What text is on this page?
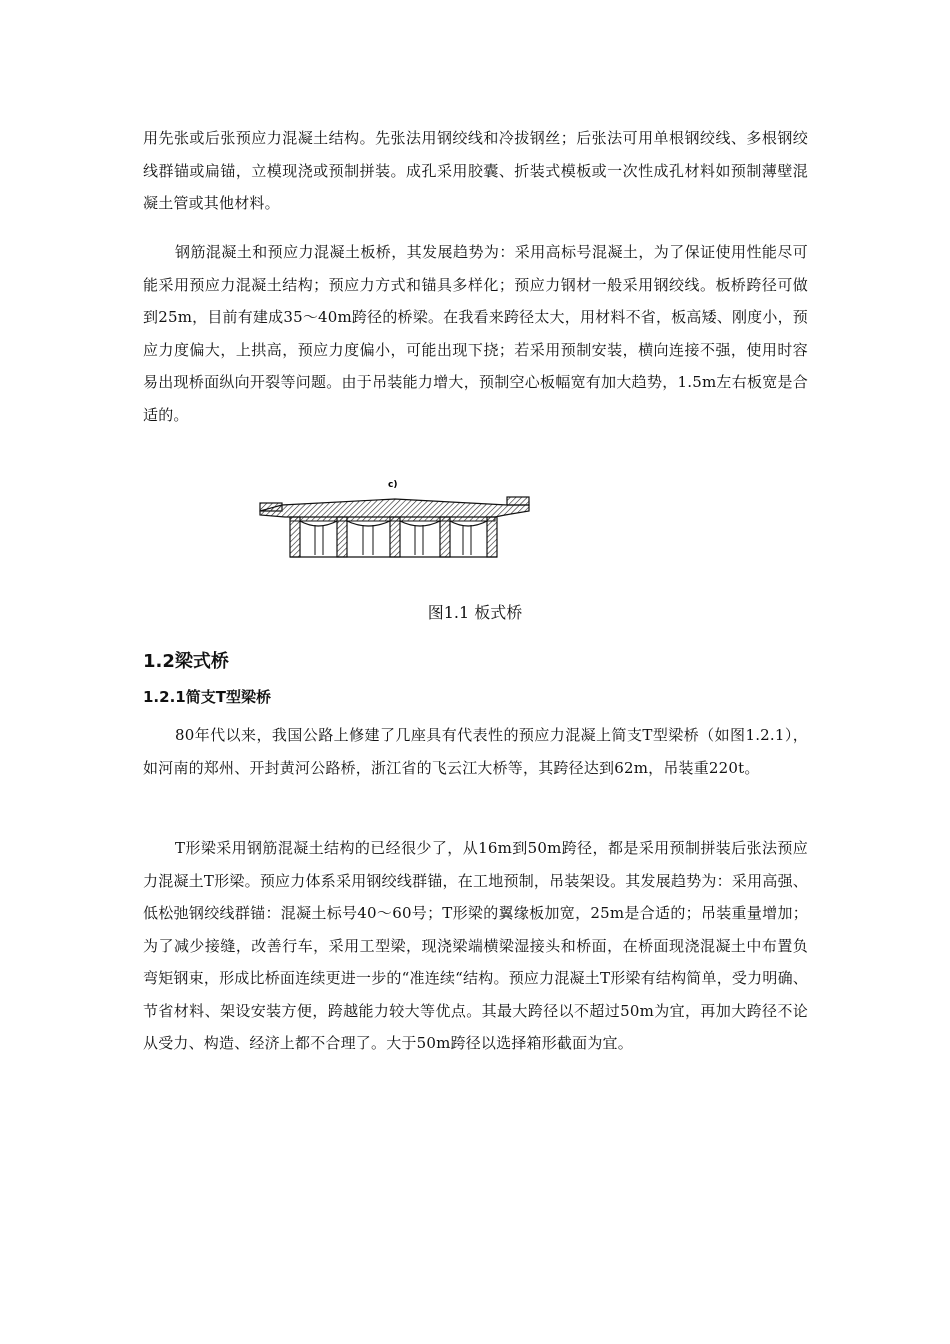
用先张或后张预应力混凝土结构。先张法用钢绞线和冷拔钢丝；后张法可用单根钢绞线、多根钢绞线群锚或扁锚，立模现浇或预制拼装。成孔采用胶囊、折装式模板或一次性成孔材料如预制薄壁混凝土管或其他材料。

钢筋混凝土和预应力混凝土板桥，其发展趋势为：采用高标号混凝土，为了保证使用性能尽可能采用预应力混凝土结构；预应力方式和锚具多样化；预应力钢材一般采用钢绞线。板桥跨径可做到25m，目前有建成35～40m跨径的桥梁。在我看来跨径太大，用材料不省，板高矮、刚度小，预应力度偏大，上拱高，预应力度偏小，可能出现下挠；若采用预制安装，横向连接不强，使用时容易出现桥面纵向开裂等问题。由于吊装能力增大，预制空心板幅宽有加大趋势，1.5m左右板宽是合适的。

c)
图1.1 板式桥
1.2梁式桥
1.2.1简支T型梁桥

80年代以来，我国公路上修建了几座具有代表性的预应力混凝上简支T型梁桥（如图1.2.1），如河南的郑州、开封黄河公路桥，浙江省的飞云江大桥等，其跨径达到62m，吊装重220t。

T形梁采用钢筋混凝土结构的已经很少了，从16m到50m跨径，都是采用预制拼装后张法预应力混凝土T形梁。预应力体系采用钢绞线群锚，在工地预制，吊装架设。其发展趋势为：采用高强、低松弛钢绞线群锚：混凝土标号40～60号；T形梁的翼缘板加宽，25m是合适的；吊装重量增加；为了减少接缝，改善行车，采用工型梁，现浇梁端横梁湿接头和桥面，在桥面现浇混凝土中布置负弯矩钢束，形成比桥面连续更进一步的“准连续“结构。预应力混凝土T形梁有结构简单，受力明确、节省材料、架设安装方便，跨越能力较大等优点。其最大跨径以不超过50m为宜，再加大跨径不论从受力、构造、经济上都不合理了。大于50m跨径以选择箱形截面为宜。
